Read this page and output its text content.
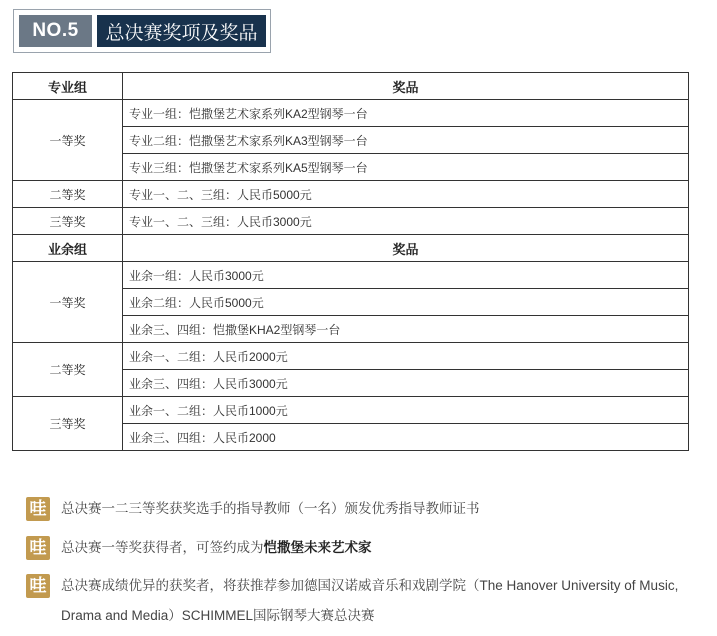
NO.5	总决赛奖项及奖品
专业组	奖品
一等奖	专业一组：恺撒堡艺术家系列KA2型钢琴一台
	专业二组：恺撒堡艺术家系列KA3型钢琴一台
	专业三组：恺撒堡艺术家系列KA5型钢琴一台
二等奖	专业一、二、三组：人民币5000元
三等奖	专业一、二、三组：人民币3000元
业余组	奖品
一等奖	业余一组：人民币3000元
	业余二组：人民币5000元
	业余三、四组：恺撒堡KHA2型钢琴一台
二等奖	业余一、二组：人民币2000元
	业余三、四组：人民币3000元
三等奖	业余一、二组：人民币1000元
	业余三、四组：人民币2000
哇 总决赛一二三等奖获奖选手的指导教师（一名）颁发优秀指导教师证书
哇 总决赛一等奖获得者，可签约成为恺撒堡未来艺术家
哇 总决赛成绩优异的获奖者，将获推荐参加德国汉诺威音乐和戏剧学院（The Hanover University of Music, Drama and Media）SCHIMMEL国际钢琴大赛总决赛
